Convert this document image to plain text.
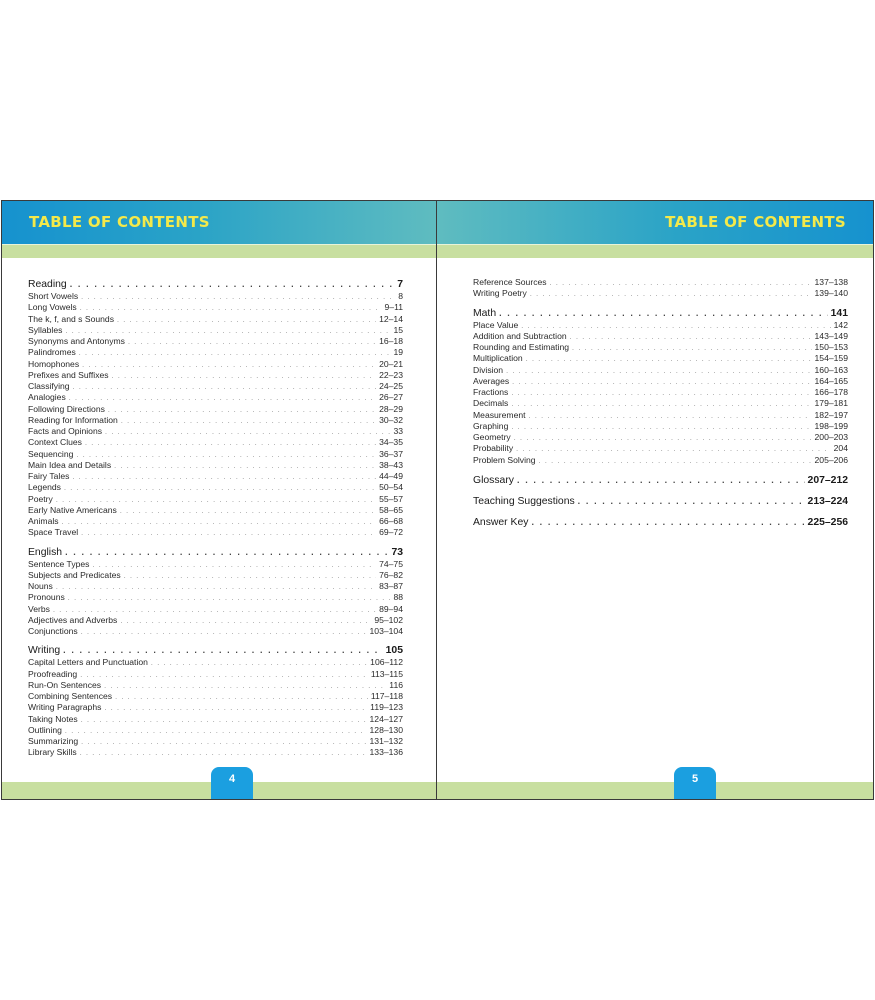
TABLE OF CONTENTS
Reading . . .	7
Short Vowels . . .	8
Long Vowels . . .	9–11
The k, f, and s Sounds . . .	12–14
Syllables . . .	15
Synonyms and Antonyms . . .	16–18
Palindromes . . .	19
Homophones . . .	20–21
Prefixes and Suffixes . . .	22–23
Classifying . . .	24–25
Analogies . . .	26–27
Following Directions . . .	28–29
Reading for Information . . .	30–32
Facts and Opinions . . .	33
Context Clues . . .	34–35
Sequencing . . .	36–37
Main Idea and Details . . .	38–43
Fairy Tales . . .	44–49
Legends . . .	50–54
Poetry . . .	55–57
Early Native Americans . . .	58–65
Animals . . .	66–68
Space Travel . . .	69–72
English . . .	73
Sentence Types . . .	74–75
Subjects and Predicates . . .	76–82
Nouns . . .	83–87
Pronouns . . .	88
Verbs . . .	89–94
Adjectives and Adverbs . . .	95–102
Conjunctions . . .	103–104
Writing . . .	105
Capital Letters and Punctuation . . .	106–112
Proofreading . . .	113–115
Run-On Sentences . . .	116
Combining Sentences . . .	117–118
Writing Paragraphs . . .	119–123
Taking Notes . . .	124–127
Outlining . . .	128–130
Summarizing . . .	131–132
Library Skills . . .	133–136
4
TABLE OF CONTENTS
Reference Sources . . .	137–138
Writing Poetry . . .	139–140
Math . . .	141
Place Value . . .	142
Addition and Subtraction . . .	143–149
Rounding and Estimating . . .	150–153
Multiplication . . .	154–159
Division . . .	160–163
Averages . . .	164–165
Fractions . . .	166–178
Decimals . . .	179–181
Measurement . . .	182–197
Graphing . . .	198–199
Geometry . . .	200–203
Probability . . .	204
Problem Solving . . .	205–206
Glossary . . .	207–212
Teaching Suggestions . . .	213–224
Answer Key . . .	225–256
5
